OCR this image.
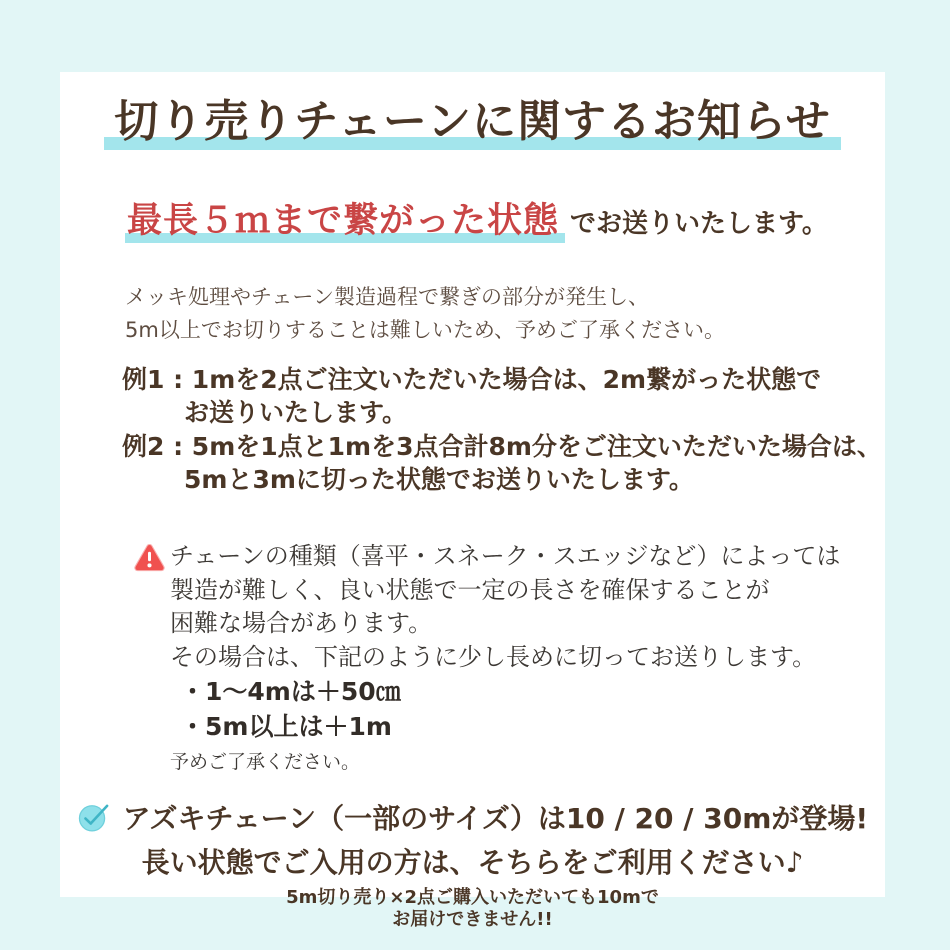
切り売りチェーンに関するお知らせ
最長５ｍまで繋がった状態 でお送りいたします。
メッキ処理やチェーン製造過程で繋ぎの部分が発生し、
5m以上でお切りすることは難しいため、予めご了承ください。
例1 : 1mを2点ご注文いただいた場合は、2m繋がった状態で
お送りいたします。
例2 : 5mを1点と1mを3点合計8m分をご注文いただいた場合は、
5mと3mに切った状態でお送りいたします。
チェーンの種類（喜平・スネーク・スエッジなど）によっては
製造が難しく、良い状態で一定の長さを確保することが
困難な場合があります。
その場合は、下記のように少し長めに切ってお送りします。
・1〜4mは＋50㎝
・5m以上は＋1m
予めご了承ください。
アズキチェーン（一部のサイズ）は10 / 20 / 30mが登場!
長い状態でご入用の方は、そちらをご利用ください♪
5m切り売り×2点ご購入いただいても10mで
お届けできません!!
